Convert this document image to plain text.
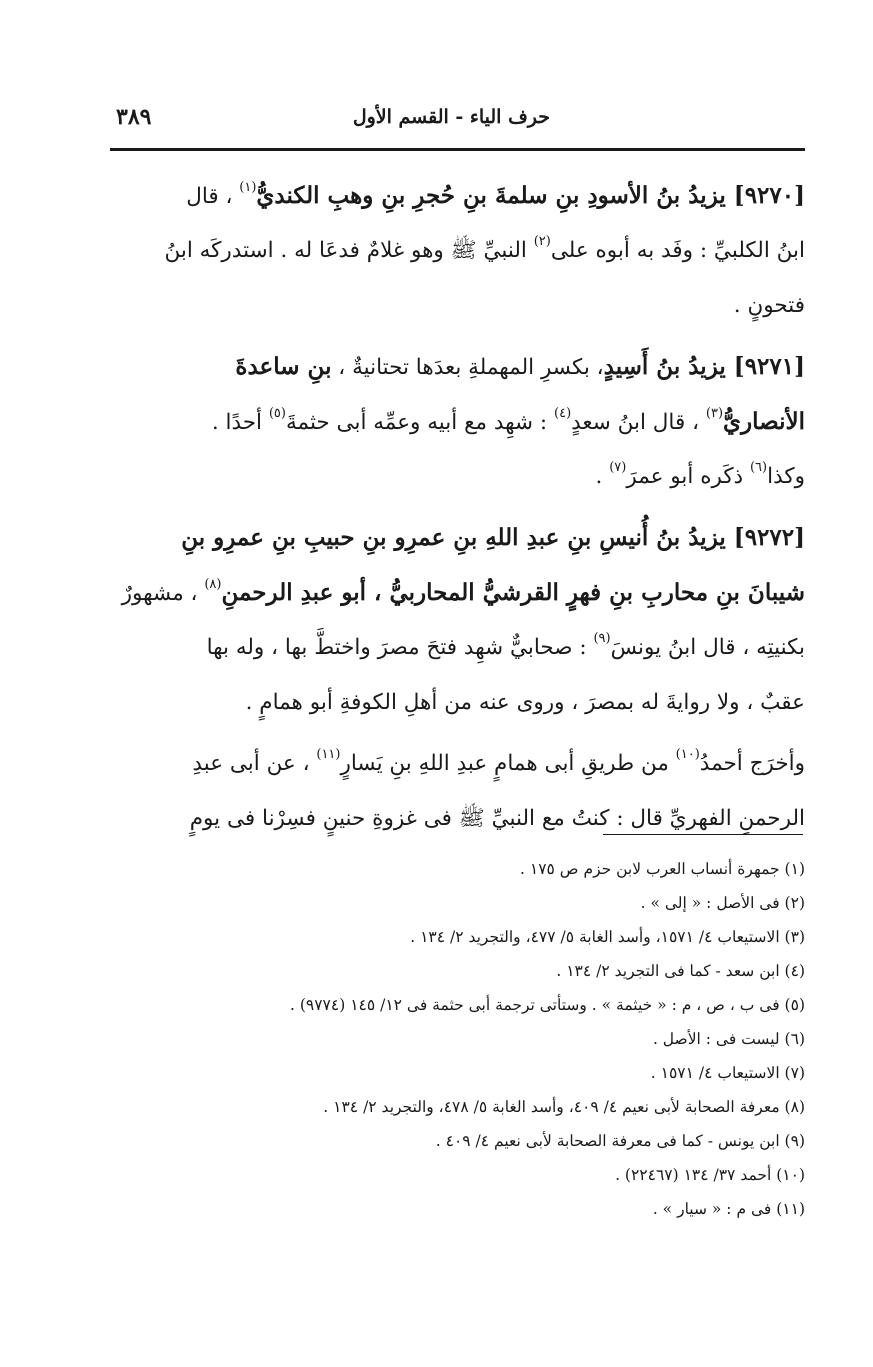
حرف الياء - القسم الأول
٣٨٩
[٩٢٧٠] يزيدُ بنُ الأسودِ بنِ سلمةَ بنِ حُجرِ بنِ وهبِ الكنديُّ$^{(١)}$ ، قال
ابنُ الكلبيِّ : وفَد به أبوه على$^{(٢)}$ النبيِّ ﷺ وهو غلامٌ فدعَا له . استدركَه ابنُ
فتحونٍ .
[٩٢٧١] يزيدُ بنُ أَسِيدٍ، بكسرِ المهملةِ بعدَها تحتانيةٌ ، بنِ ساعدةَ
الأنصاريُّ$^{(٣)}$ ، قال ابنُ سعدٍ$^{(٤)}$ : شهِد مع أبيه وعمِّه أبى حثمةَ$^{(٥)}$ أحدًا .
وكذا$^{(٦)}$ ذكَره أبو عمرَ$^{(٧)}$ .
[٩٢٧٢] يزيدُ بنُ أُنيسِ بنِ عبدِ اللهِ بنِ عمرِو بنِ حبيبِ بنِ عمرِو بنِ
شيبانَ بنِ محاربِ بنِ فهرٍ القرشيُّ المحاربيُّ ، أبو عبدِ الرحمنِ$^{(٨)}$ ، مشهورٌ
بكنيتِه ، قال ابنُ يونسَ$^{(٩)}$ : صحابيٌّ شهِد فتحَ مصرَ واختطَّ بها ، وله بها
عقبٌ ، ولا روايةَ له بمصرَ ، وروى عنه من أهلِ الكوفةِ أبو همامٍ .
وأخرَج أحمدُ$^{(١٠)}$ من طريقِ أبى همامٍ عبدِ اللهِ بنِ يَسارٍ$^{(١١)}$ ، عن أبى عبدِ
الرحمنِ الفهريِّ قال : كنتُ مع النبيِّ ﷺ فى غزوةِ حنينٍ فسِرْنا فى يومٍ
(١) جمهرة أنساب العرب لابن حزم ص ١٧٥ .
(٢) فى الأصل : « إلى » .
(٣) الاستيعاب ٤/ ١٥٧١، وأسد الغابة ٥/ ٤٧٧، والتجريد ٢/ ١٣٤ .
(٤) ابن سعد - كما فى التجريد ٢/ ١٣٤ .
(٥) فى ب ، ص ، م : « خيثمة » . وستأتى ترجمة أبى حثمة فى ١٢/ ١٤٥ (٩٧٧٤) .
(٦) ليست فى : الأصل .
(٧) الاستيعاب ٤/ ١٥٧١ .
(٨) معرفة الصحابة لأبى نعيم ٤/ ٤٠٩، وأسد الغابة ٥/ ٤٧٨، والتجريد ٢/ ١٣٤ .
(٩) ابن يونس - كما فى معرفة الصحابة لأبى نعيم ٤/ ٤٠٩ .
(١٠) أحمد ٣٧/ ١٣٤ (٢٢٤٦٧) .
(١١) فى م : « سيار » .
